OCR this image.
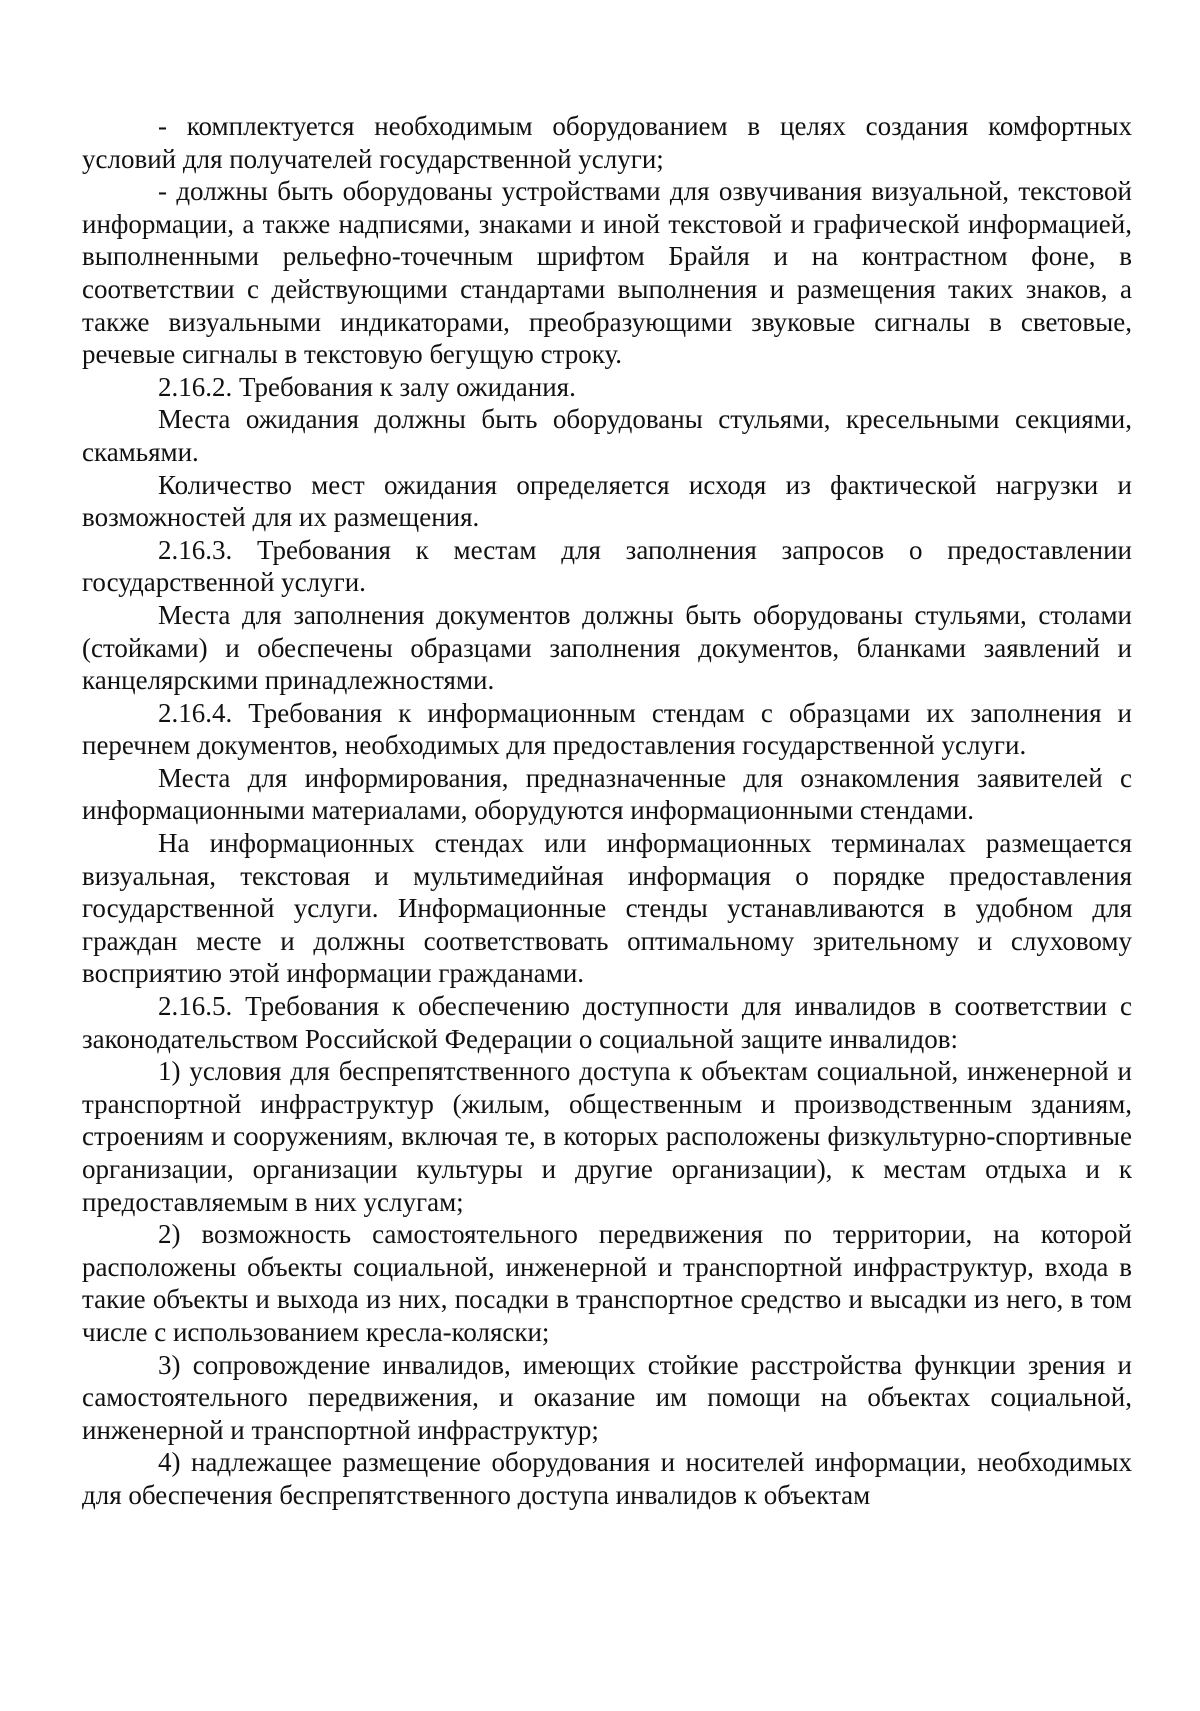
- комплектуется необходимым оборудованием в целях создания комфортных условий для получателей государственной услуги;

- должны быть оборудованы устройствами для озвучивания визуальной, текстовой информации, а также надписями, знаками и иной текстовой и графической информацией, выполненными рельефно-точечным шрифтом Брайля и на контрастном фоне, в соответствии с действующими стандартами выполнения и размещения таких знаков, а также визуальными индикаторами, преобразующими звуковые сигналы в световые, речевые сигналы в текстовую бегущую строку.

2.16.2. Требования к залу ожидания.

Места ожидания должны быть оборудованы стульями, кресельными секциями, скамьями.

Количество мест ожидания определяется исходя из фактической нагрузки и возможностей для их размещения.

2.16.3. Требования к местам для заполнения запросов о предоставлении государственной услуги.

Места для заполнения документов должны быть оборудованы стульями, столами (стойками) и обеспечены образцами заполнения документов, бланками заявлений и канцелярскими принадлежностями.

2.16.4. Требования к информационным стендам с образцами их заполнения и перечнем документов, необходимых для предоставления государственной услуги.

Места для информирования, предназначенные для ознакомления заявителей с информационными материалами, оборудуются информационными стендами.

На информационных стендах или информационных терминалах размещается визуальная, текстовая и мультимедийная информация о порядке предоставления государственной услуги. Информационные стенды устанавливаются в удобном для граждан месте и должны соответствовать оптимальному зрительному и слуховому восприятию этой информации гражданами.

2.16.5. Требования к обеспечению доступности для инвалидов в соответствии с законодательством Российской Федерации о социальной защите инвалидов:

1) условия для беспрепятственного доступа к объектам социальной, инженерной и транспортной инфраструктур (жилым, общественным и производственным зданиям, строениям и сооружениям, включая те, в которых расположены физкультурно-спортивные организации, организации культуры и другие организации), к местам отдыха и к предоставляемым в них услугам;

2) возможность самостоятельного передвижения по территории, на которой расположены объекты социальной, инженерной и транспортной инфраструктур, входа в такие объекты и выхода из них, посадки в транспортное средство и высадки из него, в том числе с использованием кресла-коляски;

3) сопровождение инвалидов, имеющих стойкие расстройства функции зрения и самостоятельного передвижения, и оказание им помощи на объектах социальной, инженерной и транспортной инфраструктур;

4) надлежащее размещение оборудования и носителей информации, необходимых для обеспечения беспрепятственного доступа инвалидов к объектам
